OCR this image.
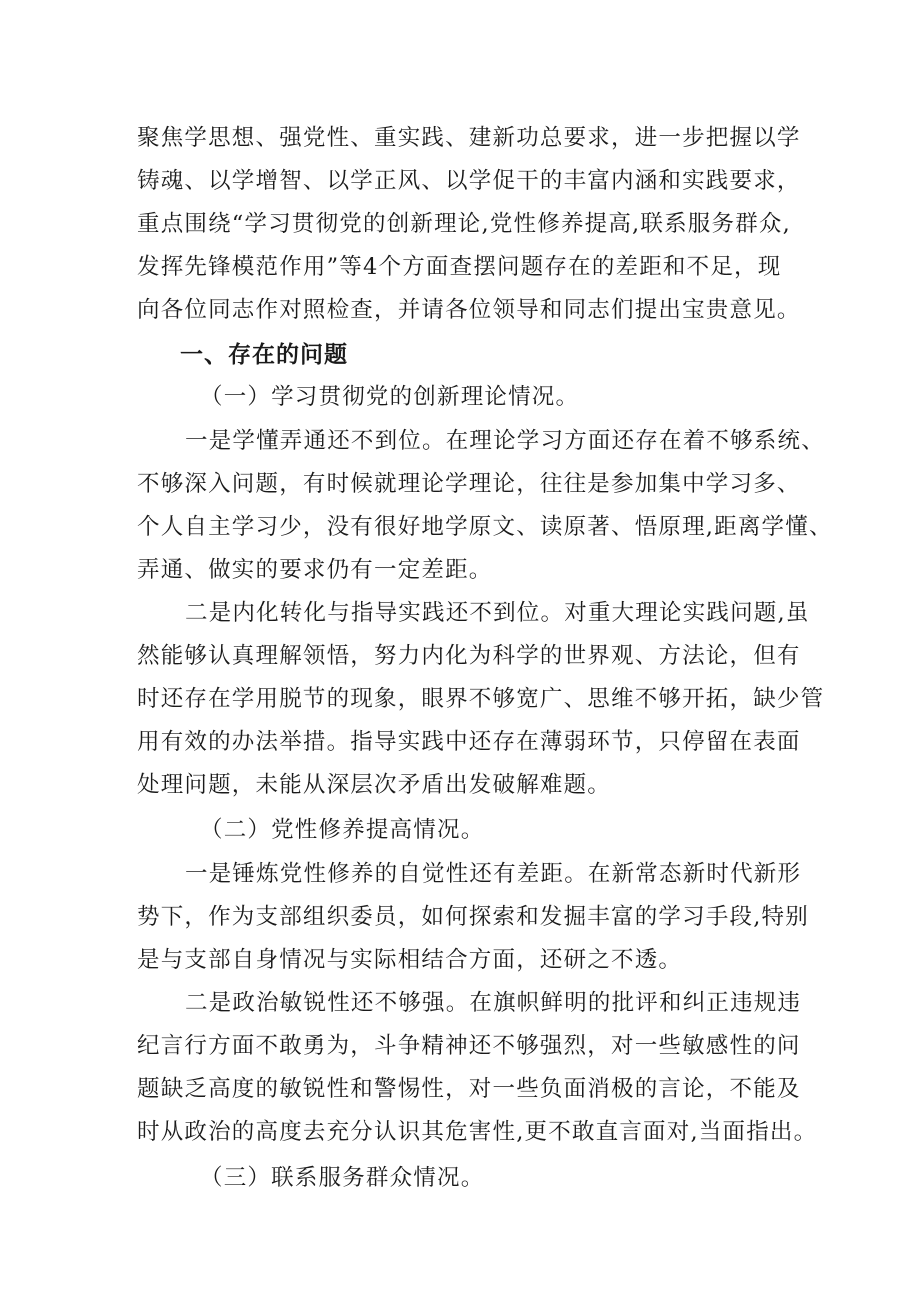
聚焦学思想、强党性、重实践、建新功总要求，进一步把握以学
铸魂、以学增智、以学正风、以学促干的丰富内涵和实践要求，
重点围绕“学习贯彻党的创新理论,党性修养提高,联系服务群众,
发挥先锋模范作用”等4个方面查摆问题存在的差距和不足，现
向各位同志作对照检查，并请各位领导和同志们提出宝贵意见。
一、存在的问题
（一）学习贯彻党的创新理论情况。
一是学懂弄通还不到位。在理论学习方面还存在着不够系统、
不够深入问题，有时候就理论学理论，往往是参加集中学习多、
个人自主学习少，没有很好地学原文、读原著、悟原理,距离学懂、
弄通、做实的要求仍有一定差距。
二是内化转化与指导实践还不到位。对重大理论实践问题,虽
然能够认真理解领悟，努力内化为科学的世界观、方法论，但有
时还存在学用脱节的现象，眼界不够宽广、思维不够开拓，缺少管
用有效的办法举措。指导实践中还存在薄弱环节，只停留在表面
处理问题，未能从深层次矛盾出发破解难题。
（二）党性修养提高情况。
一是锤炼党性修养的自觉性还有差距。在新常态新时代新形
势下，作为支部组织委员，如何探索和发掘丰富的学习手段,特别
是与支部自身情况与实际相结合方面，还研之不透。
二是政治敏锐性还不够强。在旗帜鲜明的批评和纠正违规违
纪言行方面不敢勇为，斗争精神还不够强烈，对一些敏感性的问
题缺乏高度的敏锐性和警惕性，对一些负面消极的言论，不能及
时从政治的高度去充分认识其危害性,更不敢直言面对,当面指出。
（三）联系服务群众情况。
